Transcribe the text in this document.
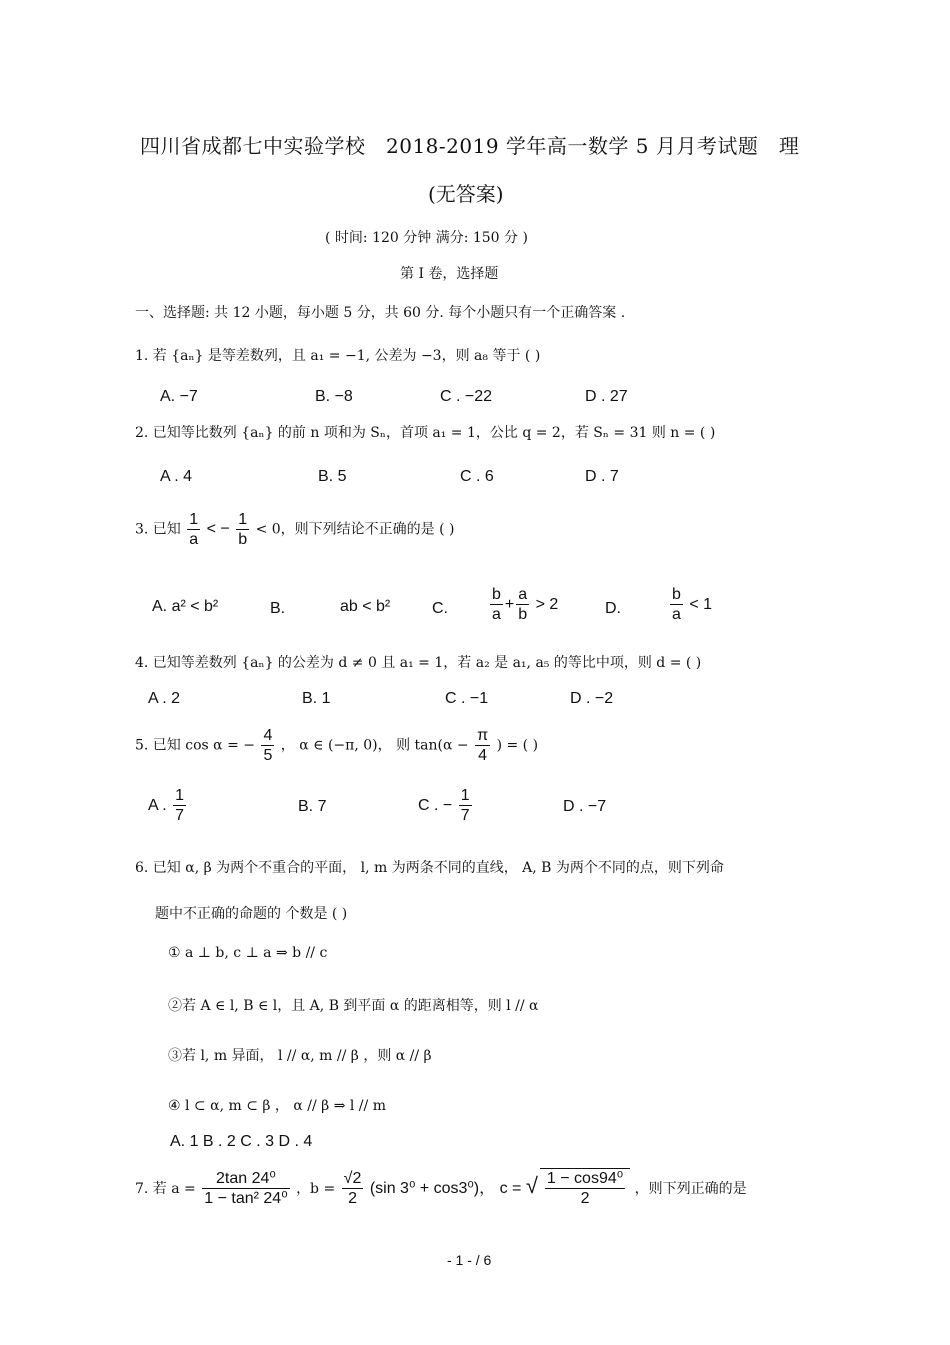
四川省成都七中实验学校　2018-2019 学年高一数学 5 月月考试题　理
(无答案)
( 时间: 120 分钟 满分: 150 分 )
第 I 卷，选择题
一、选择题: 共 12 小题，每小题 5 分，共 60 分. 每个小题只有一个正确答案 .
1. 若 {aₙ} 是等差数列，且 a₁ = −1, 公差为 −3，则 a₈ 等于 ( )
A. −7	B. −8	C . −22	D . 27
2. 已知等比数列 {aₙ} 的前 n 项和为 Sₙ，首项 a₁ = 1，公比 q = 2，若 Sₙ = 31 则 n = ( )
A . 4	B. 5	C . 6	D . 7
3. 已知 $\frac{1}{a}$ < − $\frac{1}{b} < 0$，则下列结论不正确的是 ( )
A. a² < b²	B.	ab < b²	C.	$\frac{b}{a} + \frac{a}{b} > 2$	D.	$\frac{b}{a} < 1$
4. 已知等差数列 {aₙ} 的公差为 d ≠ 0 且 a₁ = 1，若 a₂ 是 a₁, a₅ 的等比中项，则 d = ( )
A . 2	B. 1	C . −1	D . −2
5. 已知 cos α = − $\frac{4}{5}$ ， α ∈ (−π, 0)， 则 $\tan(\alpha - \frac{\pi}{4}$ ) = ( )
A . $\frac{1}{7}$	B. 7	C . − $\frac{1}{7}$	D . −7
6. 已知 α, β 为两个不重合的平面， l, m 为两条不同的直线， A, B 为两个不同的点，则下列命
题中不正确的命题的 个数是 ( )
① a ⊥ b, c ⊥ a ⇒ b // c
②若 A ∈ l, B ∈ l，且 A, B 到平面 α 的距离相等，则 l // α
③若 l, m 异面， l // α, m // β ，则 α // β
④ l ⊂ α, m ⊂ β ， α // β ⇒ l // m
A. 1 B . 2 C . 3 D . 4
7. 若 $a = \frac{\text{2tan 24⁰}}{\text{1 − tan² 24⁰}}$ ，$b = \frac{√2}{2} (\sin$ 3⁰ + cos3⁰)， c = √ $\frac{\text{1 − cos94⁰}}{2}$ ，则下列正确的是
- 1 - / 6
